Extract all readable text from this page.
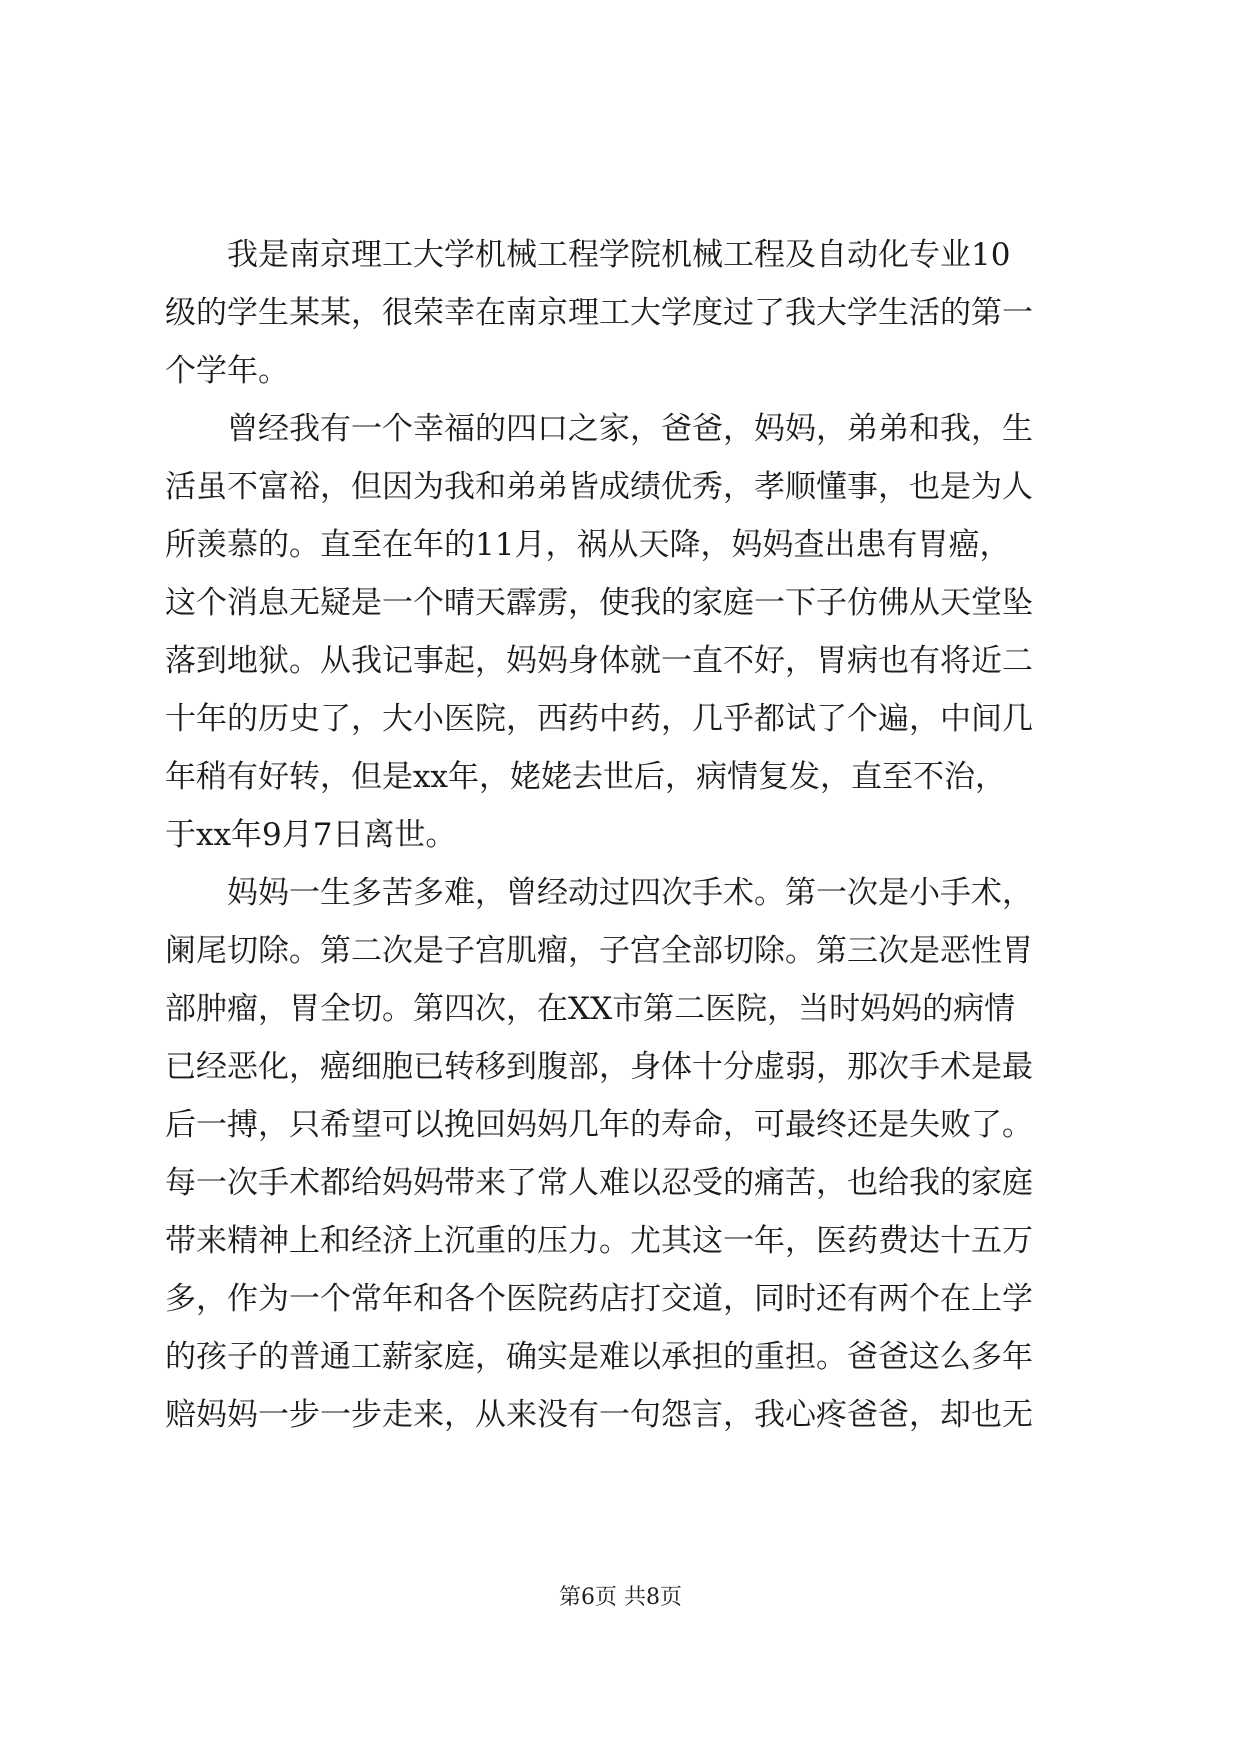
　　我是南京理工大学机械工程学院机械工程及自动化专业10
级的学生某某，很荣幸在南京理工大学度过了我大学生活的第一
个学年。
　　曾经我有一个幸福的四口之家，爸爸，妈妈，弟弟和我，生
活虽不富裕，但因为我和弟弟皆成绩优秀，孝顺懂事，也是为人
所羡慕的。直至在年的11月，祸从天降，妈妈查出患有胃癌，
这个消息无疑是一个晴天霹雳，使我的家庭一下子仿佛从天堂坠
落到地狱。从我记事起，妈妈身体就一直不好，胃病也有将近二
十年的历史了，大小医院，西药中药，几乎都试了个遍，中间几
年稍有好转，但是xx年，姥姥去世后，病情复发，直至不治，
于xx年9月7日离世。
　　妈妈一生多苦多难，曾经动过四次手术。第一次是小手术，
阑尾切除。第二次是子宫肌瘤，子宫全部切除。第三次是恶性胃
部肿瘤，胃全切。第四次，在XX市第二医院，当时妈妈的病情
已经恶化，癌细胞已转移到腹部，身体十分虚弱，那次手术是最
后一搏，只希望可以挽回妈妈几年的寿命，可最终还是失败了。
每一次手术都给妈妈带来了常人难以忍受的痛苦，也给我的家庭
带来精神上和经济上沉重的压力。尤其这一年，医药费达十五万
多，作为一个常年和各个医院药店打交道，同时还有两个在上学
的孩子的普通工薪家庭，确实是难以承担的重担。爸爸这么多年
赔妈妈一步一步走来，从来没有一句怨言，我心疼爸爸，却也无
第6页 共8页
